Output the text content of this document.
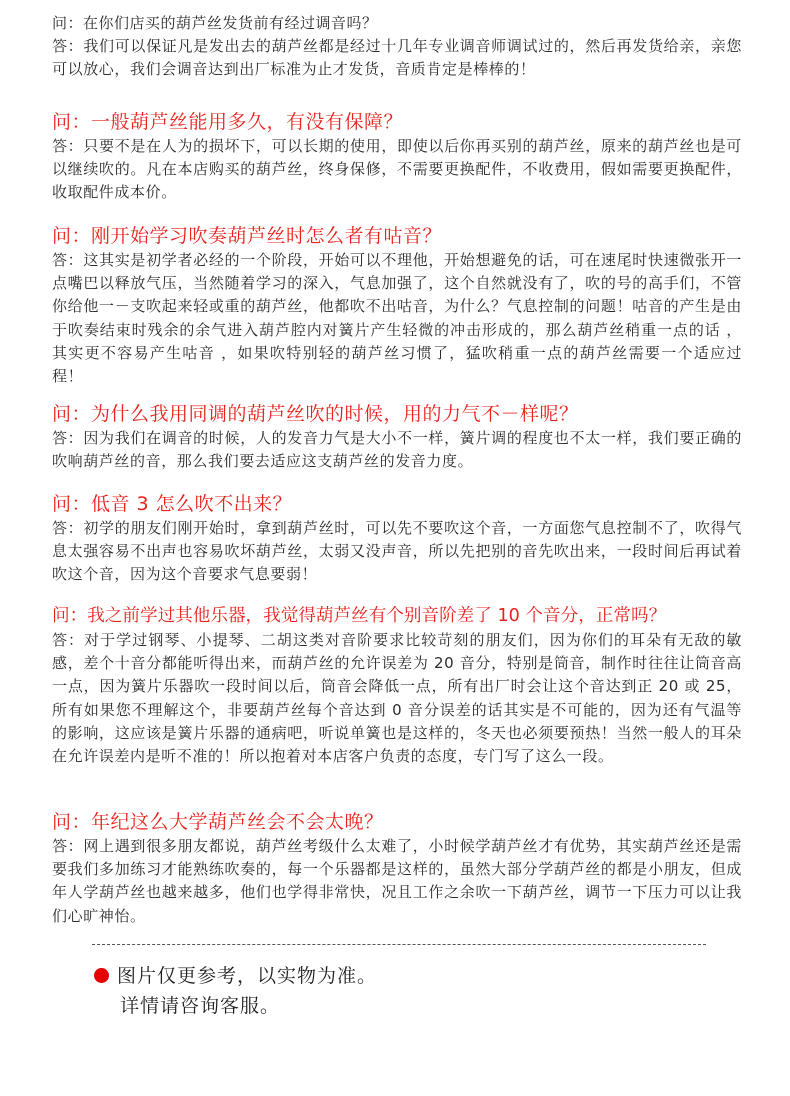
问：在你们店买的葫芦丝发货前有经过调音吗？
答：我们可以保证凡是发出去的葫芦丝都是经过十几年专业调音师调试过的，然后再发货给亲，亲您可以放心，我们会调音达到出厂标准为止才发货，音质肯定是棒棒的！
问：一般葫芦丝能用多久，有没有保障？
答：只要不是在人为的损坏下，可以长期的使用，即使以后你再买别的葫芦丝，原来的葫芦丝也是可以继续吹的。凡在本店购买的葫芦丝，终身保修，不需要更换配件，不收费用，假如需要更换配件，收取配件成本价。
问：刚开始学习吹奏葫芦丝时怎么者有咕音？
答：这其实是初学者必经的一个阶段，开始可以不理他，开始想避免的话，可在速尾时快速微张开一点嘴巴以释放气压，当然随着学习的深入，气息加强了，这个自然就没有了，吹的号的高手们，不管你给他一－支吹起来轻或重的葫芦丝，他都吹不出咕音，为什么？气息控制的问题！咕音的产生是由于吹奏结束时残余的余气进入葫芦腔内对簧片产生轻微的冲击形成的，那么葫芦丝稍重一点的话 ，其实更不容易产生咕音 ，如果吹特别轻的葫芦丝习惯了，猛吹稍重一点的葫芦丝需要一个适应过程！
问：为什么我用同调的葫芦丝吹的时候，用的力气不－样呢？
答：因为我们在调音的时候，人的发音力气是大小不一样，簧片调的程度也不太一样，我们要正确的吹响葫芦丝的音，那么我们要去适应这支葫芦丝的发音力度。
问：低音 3 怎么吹不出来？
答：初学的朋友们刚开始时，拿到葫芦丝时，可以先不要吹这个音，一方面您气息控制不了，吹得气息太强容易不出声也容易吹坏葫芦丝，太弱又没声音，所以先把别的音先吹出来，一段时间后再试着吹这个音，因为这个音要求气息要弱！
问：我之前学过其他乐器，我觉得葫芦丝有个别音阶差了 10 个音分，正常吗？
答：对于学过钢琴、小提琴、二胡这类对音阶要求比较苛刻的朋友们，因为你们的耳朵有无敌的敏感，差个十音分都能听得出来，而葫芦丝的允许误差为 20 音分，特别是筒音，制作时往往让筒音高一点，因为簧片乐器吹一段时间以后，筒音会降低一点，所有出厂时会让这个音达到正 20 或 25，所有如果您不理解这个，非要葫芦丝每个音达到 0 音分误差的话其实是不可能的，因为还有气温等的影响，这应该是簧片乐器的通病吧，听说单簧也是这样的，冬天也必须要预热！当然一般人的耳朵在允许误差内是听不准的！所以抱着对本店客户负责的态度，专门写了这么一段。
问：年纪这么大学葫芦丝会不会太晚？
答：网上遇到很多朋友都说，葫芦丝考级什么太难了，小时候学葫芦丝才有优势，其实葫芦丝还是需要我们多加练习才能熟练吹奏的，每一个乐器都是这样的，虽然大部分学葫芦丝的都是小朋友，但成年人学葫芦丝也越来越多，他们也学得非常快，况且工作之余吹一下葫芦丝，调节一下压力可以让我们心旷神怡。
图片仅更参考，以实物为准。
详情请咨询客服。
